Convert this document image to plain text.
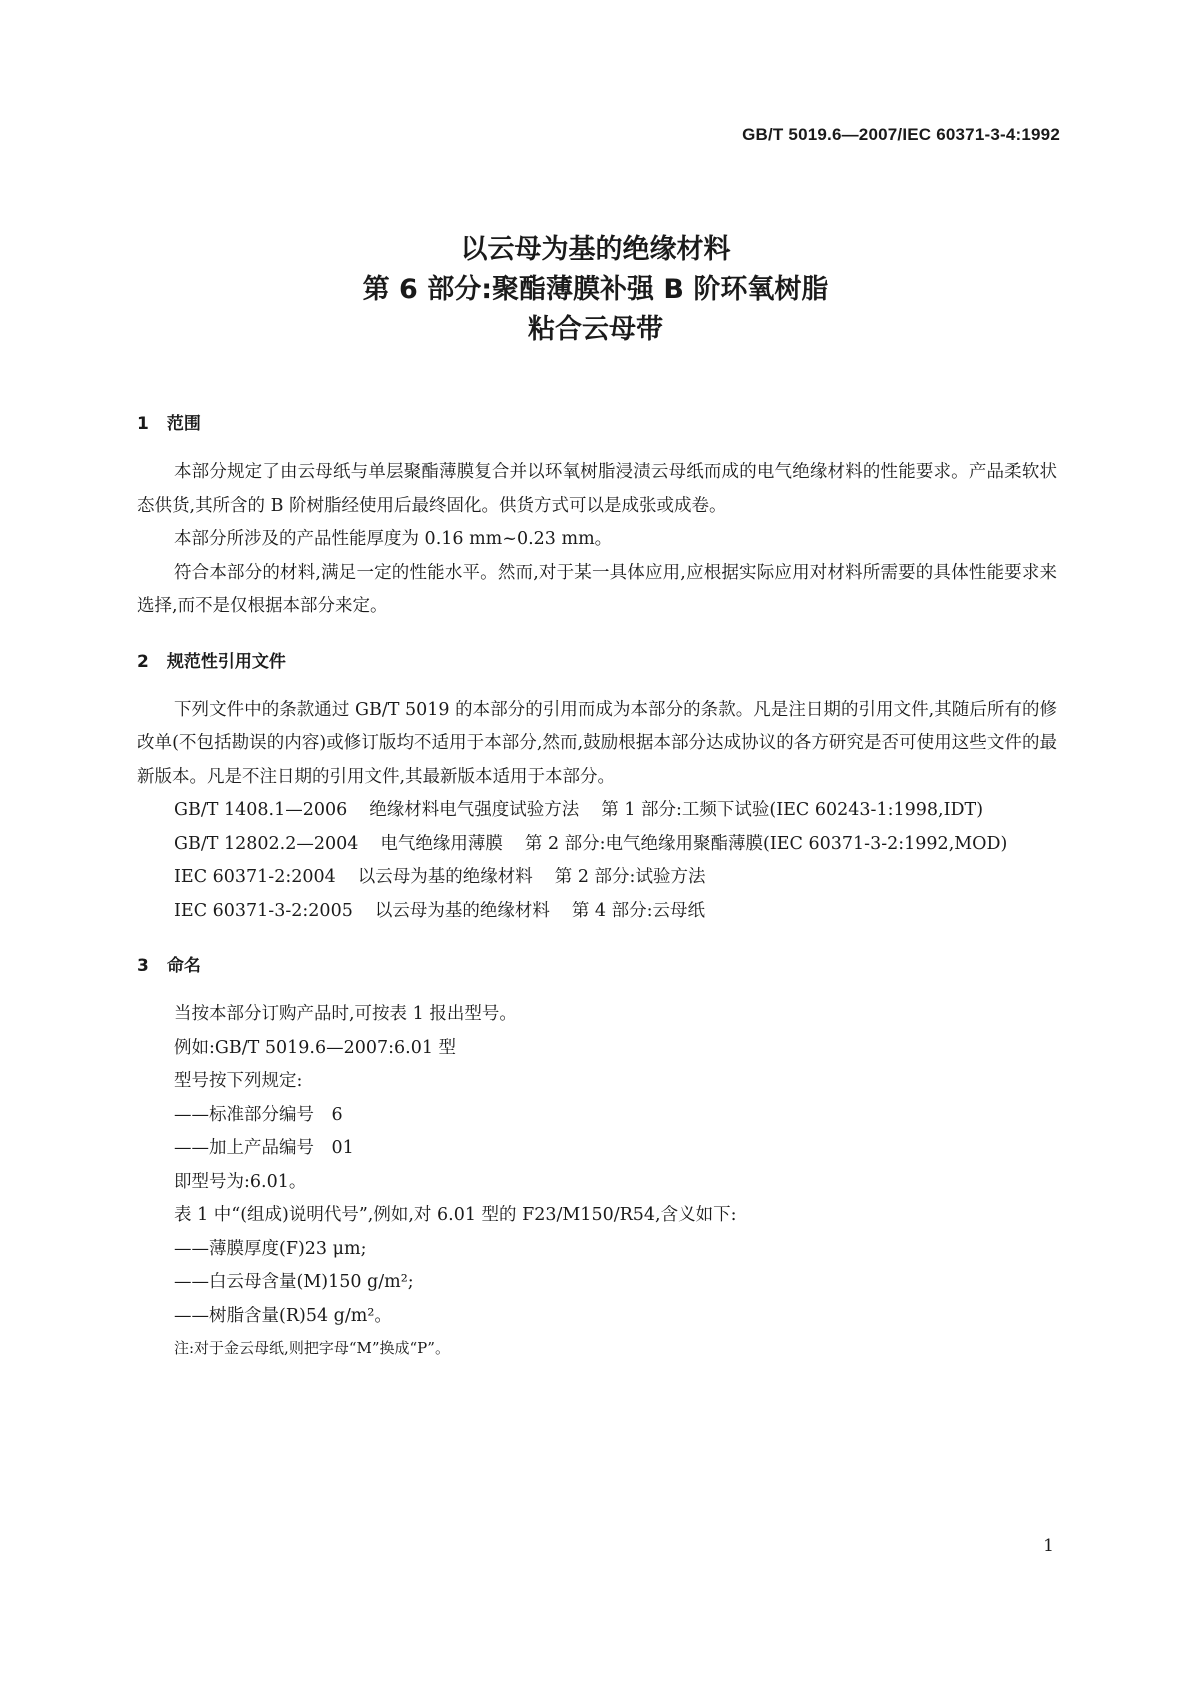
GB/T 5019.6—2007/IEC 60371-3-4:1992
以云母为基的绝缘材料
第 6 部分:聚酯薄膜补强 B 阶环氧树脂
粘合云母带
1 范围

本部分规定了由云母纸与单层聚酯薄膜复合并以环氧树脂浸渍云母纸而成的电气绝缘材料的性能要求。产品柔软状态供货,其所含的 B 阶树脂经使用后最终固化。供货方式可以是成张或成卷。

本部分所涉及的产品性能厚度为 0.16 mm~0.23 mm。

符合本部分的材料,满足一定的性能水平。然而,对于某一具体应用,应根据实际应用对材料所需要的具体性能要求来选择,而不是仅根据本部分来定。

2 规范性引用文件

下列文件中的条款通过 GB/T 5019 的本部分的引用而成为本部分的条款。凡是注日期的引用文件,其随后所有的修改单(不包括勘误的内容)或修订版均不适用于本部分,然而,鼓励根据本部分达成协议的各方研究是否可使用这些文件的最新版本。凡是不注日期的引用文件,其最新版本适用于本部分。

GB/T 1408.1—2006 绝缘材料电气强度试验方法 第 1 部分:工频下试验(IEC 60243-1:1998,IDT)

GB/T 12802.2—2004 电气绝缘用薄膜 第 2 部分:电气绝缘用聚酯薄膜(IEC 60371-3-2:1992,MOD)

IEC 60371-2:2004 以云母为基的绝缘材料 第 2 部分:试验方法

IEC 60371-3-2:2005 以云母为基的绝缘材料 第 4 部分:云母纸

3 命名

当按本部分订购产品时,可按表 1 报出型号。

例如:GB/T 5019.6—2007:6.01 型

型号按下列规定:

——标准部分编号　6

——加上产品编号　01

即型号为:6.01。

表 1 中“(组成)说明代号”,例如,对 6.01 型的 F23/M150/R54,含义如下:

——薄膜厚度(F)23 μm;

——白云母含量(M)150 g/m²;

——树脂含量(R)54 g/m²。

注:对于金云母纸,则把字母“M”换成“P”。

1
